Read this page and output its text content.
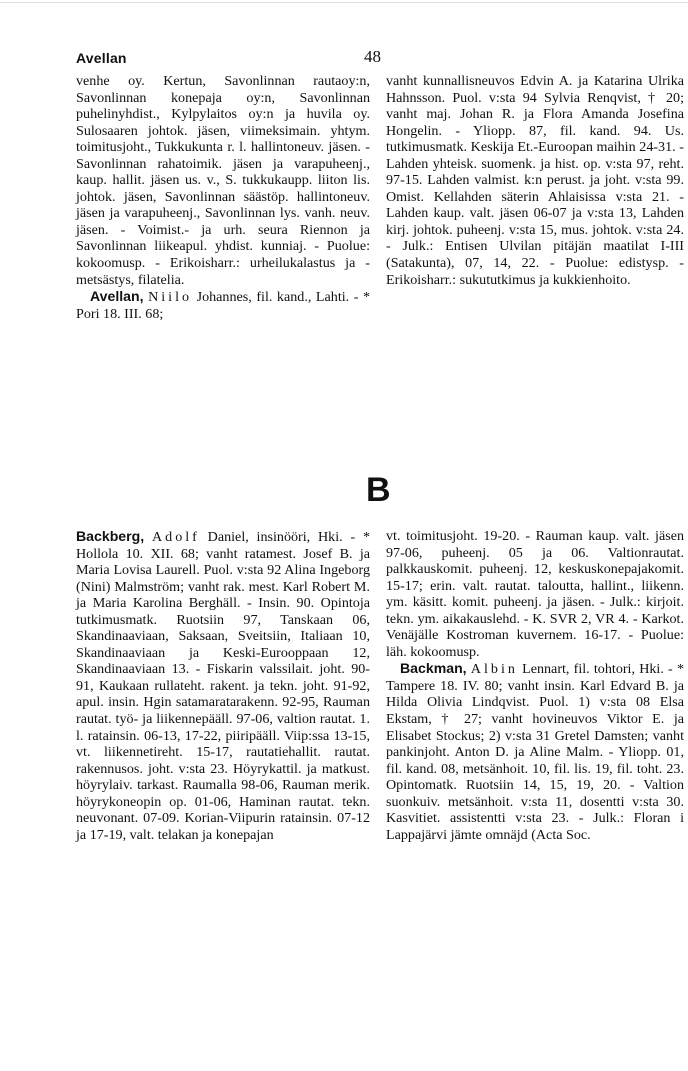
Avellan	48

venhe oy. Kertun, Savonlinnan rautaoy:n, Savonlinnan konepaja oy:n, Savonlinnan puhelinyhdist., Kylpylaitos oy:n ja huvila oy. Sulosaaren johtok. jäsen, viimeksimain. yhtym. toimitusjoht., Tukkukunta r. l. hallintoneuv. jäsen. - Savonlinnan rahatoimik. jäsen ja varapuheenj., kaup. hallit. jäsen us. v., S. tukkukaupp. liiton lis. johtok. jäsen, Savonlinnan säästöp. hallintoneuv. jäsen ja varapuheenj., Savonlinnan lys. vanh. neuv. jäsen. - Voimist.- ja urh. seura Riennon ja Savonlinnan liikeapul. yhdist. kunniaj. - Puolue: kokoomusp. - Erikoisharr.: urheilukalastus ja -metsästys, filatelia.

Avellan, Niilo Johannes, fil. kand., Lahti. - * Pori 18. III. 68;

vanht kunnallisneuvos Edvin A. ja Katarina Ulrika Hahnsson. Puol. v:sta 94 Sylvia Renqvist, † 20; vanht maj. Johan R. ja Flora Amanda Josefina Hongelin. - Yliopp. 87, fil. kand. 94. Us. tutkimusmatk. Keskija Et.-Euroopan maihin 24-31. - Lahden yhteisk. suomenk. ja hist. op. v:sta 97, reht. 97-15. Lahden valmist. k:n perust. ja joht. v:sta 99. Omist. Kellahden säterin Ahlaisissa v:sta 21. - Lahden kaup. valt. jäsen 06-07 ja v:sta 13, Lahden kirj. johtok. puheenj. v:sta 15, mus. johtok. v:sta 24. - Julk.: Entisen Ulvilan pitäjän maatilat I-III (Satakunta), 07, 14, 22. - Puolue: edistysp. - Erikoisharr.: sukututkimus ja kukkienhoito.

B

Backberg, Adolf Daniel, insinööri, Hki. - * Hollola 10. XII. 68; vanht ratamest. Josef B. ja Maria Lovisa Laurell. Puol. v:sta 92 Alina Ingeborg (Nini) Malmström; vanht rak. mest. Karl Robert M. ja Maria Karolina Berghäll. - Insin. 90. Opintoja tutkimusmatk. Ruotsiin 97, Tanskaan 06, Skandinaaviaan, Saksaan, Sveitsiin, Italiaan 10, Skandinaaviaan ja Keski-Eurooppaan 12, Skandinaaviaan 13. - Fiskarin valssilait. joht. 90-91, Kaukaan rullateht. rakent. ja tekn. joht. 91-92, apul. insin. Hgin satamaratarakenn. 92-95, Rauman rautat. työ- ja liikennepääll. 97-06, valtion rautat. 1. l. ratainsin. 06-13, 17-22, piiripääll. Viip:ssa 13-15, vt. liikennetireht. 15-17, rautatiehallit. rautat. rakennusos. joht. v:sta 23. Höyrykattil. ja matkust. höyrylaiv. tarkast. Raumalla 98-06, Rauman merik. höyrykoneopin op. 01-06, Haminan rautat. tekn. neuvonant. 07-09. Korian-Viipurin ratainsin. 07-12 ja 17-19, valt. telakan ja konepajan

vt. toimitusjoht. 19-20. - Rauman kaup. valt. jäsen 97-06, puheenj. 05 ja 06. Valtionrautat. palkkauskomit. puheenj. 12, keskuskonepajakomit. 15-17; erin. valt. rautat. taloutta, hallint., liikenn. ym. käsitt. komit. puheenj. ja jäsen. - Julk.: kirjoit. tekn. ym. aikakauslehd. - K. SVR 2, VR 4. - Karkot. Venäjälle Kostroman kuvernem. 16-17. - Puolue: läh. kokoomusp.

Backman, Albin Lennart, fil. tohtori, Hki. - * Tampere 18. IV. 80; vanht insin. Karl Edvard B. ja Hilda Olivia Lindqvist. Puol. 1) v:sta 08 Elsa Ekstam, † 27; vanht hovineuvos Viktor E. ja Elisabet Stockus; 2) v:sta 31 Gretel Damsten; vanht pankinjoht. Anton D. ja Aline Malm. - Yliopp. 01, fil. kand. 08, metsänhoit. 10, fil. lis. 19, fil. toht. 23. Opintomatk. Ruotsiin 14, 15, 19, 20. - Valtion suonkuiv. metsänhoit. v:sta 11, dosentti v:sta 30. Kasvitiet. assistentti v:sta 23. - Julk.: Floran i Lappajärvi jämte omnäjd (Acta Soc.
